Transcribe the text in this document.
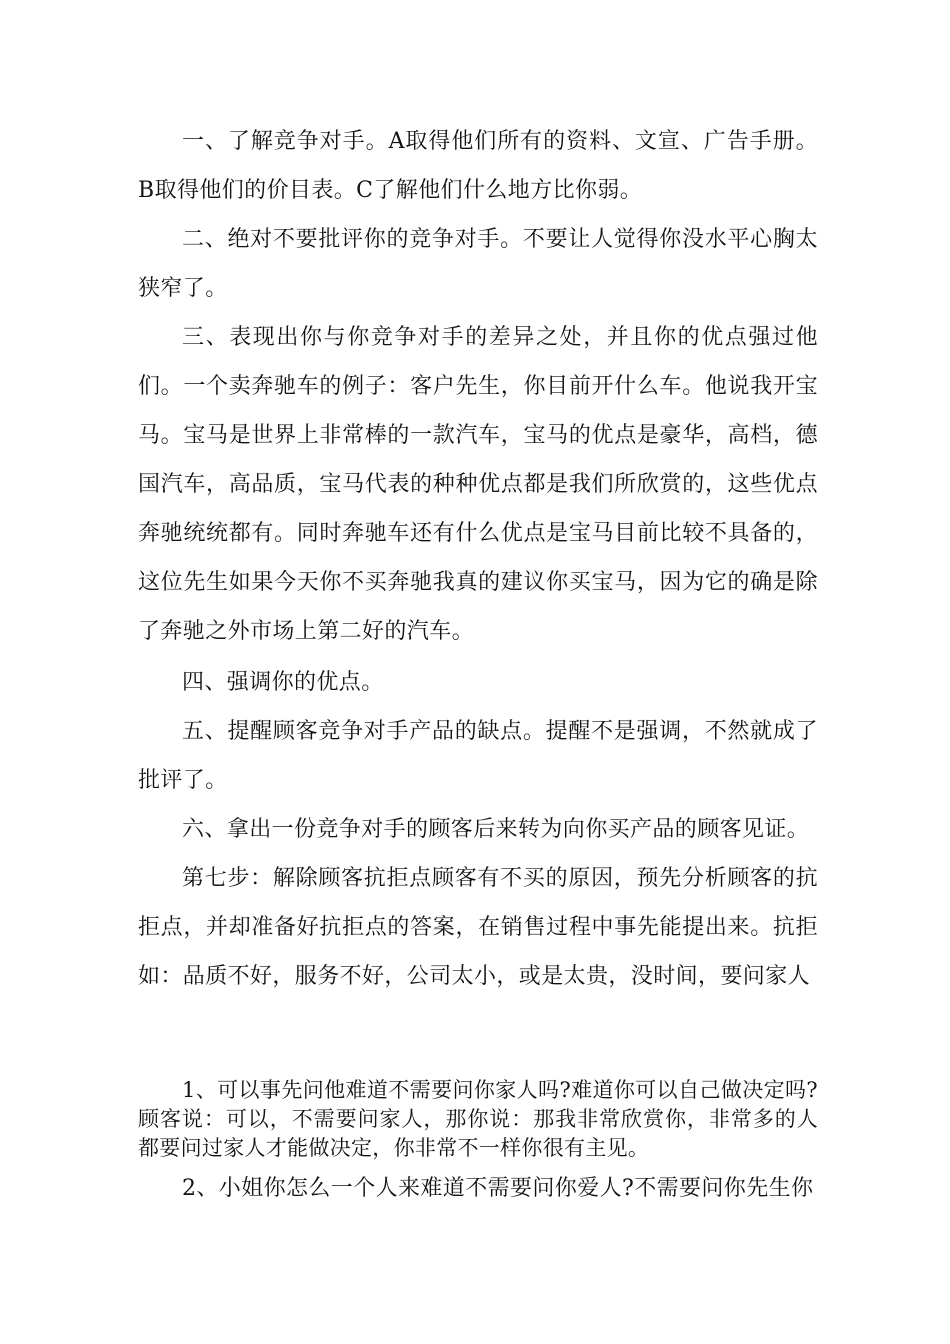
一、了解竞争对手。A取得他们所有的资料、文宣、广告手册。B取得他们的价目表。C了解他们什么地方比你弱。

二、绝对不要批评你的竞争对手。不要让人觉得你没水平心胸太狭窄了。

三、表现出你与你竞争对手的差异之处，并且你的优点强过他们。一个卖奔驰车的例子：客户先生，你目前开什么车。他说我开宝马。宝马是世界上非常棒的一款汽车，宝马的优点是豪华，高档，德国汽车，高品质，宝马代表的种种优点都是我们所欣赏的，这些优点奔驰统统都有。同时奔驰车还有什么优点是宝马目前比较不具备的，这位先生如果今天你不买奔驰我真的建议你买宝马，因为它的确是除了奔驰之外市场上第二好的汽车。

四、强调你的优点。

五、提醒顾客竞争对手产品的缺点。提醒不是强调，不然就成了批评了。

六、拿出一份竞争对手的顾客后来转为向你买产品的顾客见证。

第七步：解除顾客抗拒点顾客有不买的原因，预先分析顾客的抗拒点，并却准备好抗拒点的答案，在销售过程中事先能提出来。抗拒如：品质不好，服务不好，公司太小，或是太贵，没时间，要问家人

1、可以事先问他难道不需要问你家人吗?难道你可以自己做决定吗?顾客说：可以，不需要问家人，那你说：那我非常欣赏你，非常多的人都要问过家人才能做决定，你非常不一样你很有主见。

2、小姐你怎么一个人来难道不需要问你爱人?不需要问你先生你
